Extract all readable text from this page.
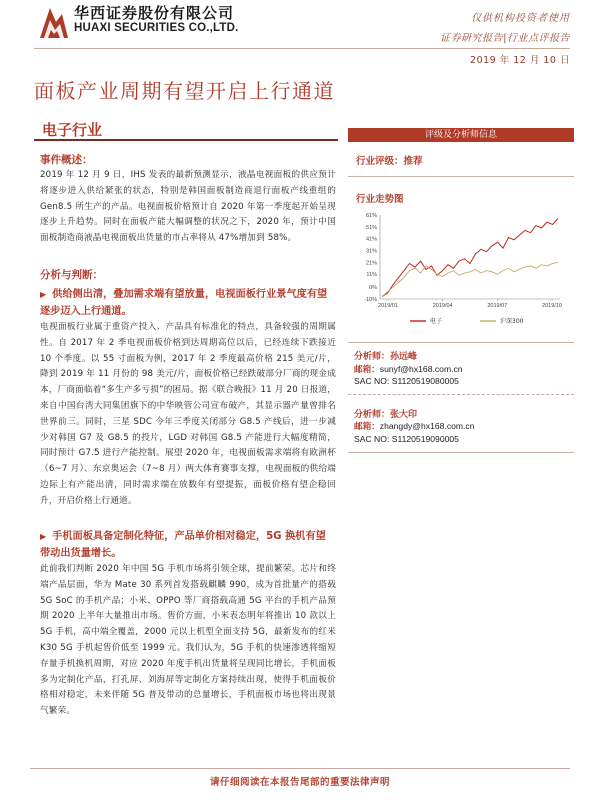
华西证券股份有限公司
HUAXI SECURITIES CO.,LTD.
仅供机构投资者使用
证券研究报告|行业点评报告
2019 年 12 月 10 日
面板产业周期有望开启上行通道
电子行业
事件概述：
2019 年 12 月 9 日，IHS 发表的最新预测显示，液晶电视面板的供应预计将逐步进入供给紧张的状态，特别是韩国面板制造商退行面板产线重组的 Gen8.5 所生产的产品。电视面板价格预计自 2020 年第一季度起开始呈现逐步上升趋势。同时在面板产能大幅调整的状况之下，2020 年，预计中国面板制造商液晶电视面板出货量的市占率将从 47%增加到 58%。
分析与判断：
▶ 供给侧出清，叠加需求端有望放量，电视面板行业景气度有望逐步迈入上行通道。
电视面板行业属于重资产投入、产品具有标准化的特点，具备较强的周期属性。自 2017 年 2 季电视面板价格到达周期高位以后，已经连续下跌接近 10 个季度。以 55 寸面板为例，2017 年 2 季度最高价格 215 美元/片，降到 2019 年 11 月份的 98 美元/片，面板价格已经跌破部分厂商的现金成本，厂商面临着“多生产多亏损”的困局。据《联合晚报》11 月 20 日报道，来自中国台湾大同集团旗下的中华映管公司宣布破产，其显示器产量曾排名世界前三。同时，三星 SDC 今年三季度关闭部分 G8.5 产线后，进一步减少对韩国 G7 及 G8.5 的投片，LGD 对韩国 G8.5 产能进行大幅度精简，同时预计 G7.5 进行产能控制。展望 2020 年，电视面板需求端将有欧洲杯（6~7 月）、东京奥运会（7~8 月）两大体育赛事支撑，电视面板的供给端边际上有产能出清，同时需求端在放数年有望提振，面板价格有望企稳回升，开启价格上行通道。
▶ 手机面板具备定制化特征，产品单价相对稳定，5G 换机有望带动出货量增长。
此前我们判断 2020 年中国 5G 手机市场将引领全球，提前繁荣。芯片和终端产品层面，华为 Mate 30 系列首发搭载麒麟 990，成为首批量产的搭载 5G SoC 的手机产品；小米、OPPO 等厂商搭载高通 5G 平台的手机产品预期 2020 上半年大量推出市场。售价方面，小米表态明年将推出 10 款以上 5G 手机，高中端全覆盖，2000 元以上机型全面支持 5G，最新发布的红米 K30 5G 手机起售价低至 1999 元。我们认为，5G 手机的快速渗透将缩短存量手机换机周期，对应 2020 年度手机出货量将呈现同比增长，手机面板多为定制化产品，打孔屏、刘海屏等定制化方案持续出现，使得手机面板价格相对稳定，未来伴随 5G 普及带动的总量增长，手机面板市场也将出现景气繁荣。
评级及分析师信息
行业评级：推荐
行业走势图
-10%
0%
11%
21%
31%
41%
51%
61%
2019/01	2019/04	2019/07	2019/10
电子	沪深300
分析师：孙远峰
邮箱：sunyf@hx168.com.cn
SAC NO: S1120519080005
分析师：张大印
邮箱：zhangdy@hx168.com.cn
SAC NO: S1120519090005
请仔细阅读在本报告尾部的重要法律声明
